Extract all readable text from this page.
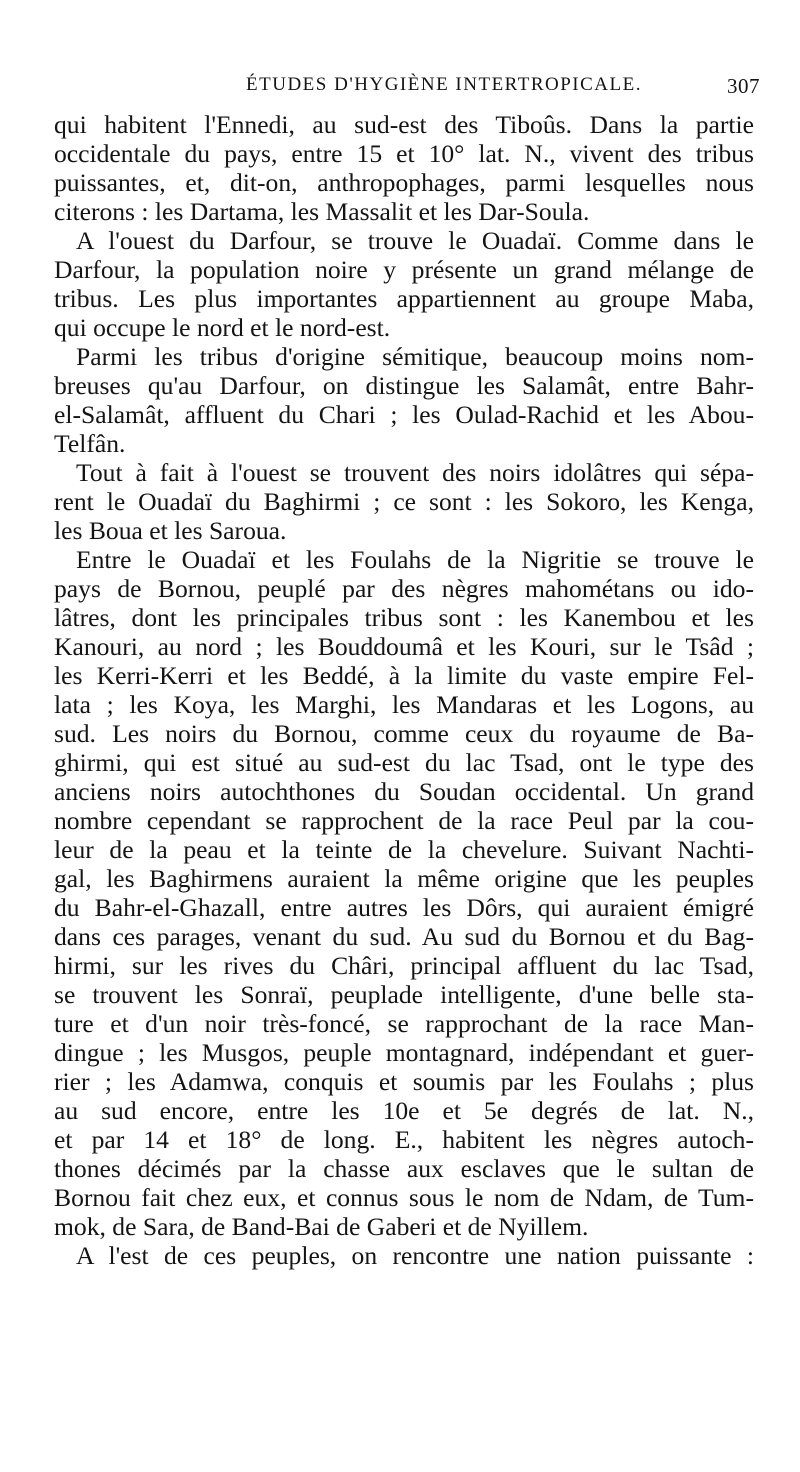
ÉTUDES D'HYGIÈNE INTERTROPICALE.	307
qui habitent l'Ennedi, au sud-est des Tiboûs. Dans la partie
occidentale du pays, entre 15 et 10° lat. N., vivent des tribus
puissantes, et, dit-on, anthropophages, parmi lesquelles nous
citerons : les Dartama, les Massalit et les Dar-Soula.
A l'ouest du Darfour, se trouve le Ouadaï. Comme dans le
Darfour, la population noire y présente un grand mélange de
tribus. Les plus importantes appartiennent au groupe Maba,
qui occupe le nord et le nord-est.
Parmi les tribus d'origine sémitique, beaucoup moins nom-
breuses qu'au Darfour, on distingue les Salamât, entre Bahr-
el-Salamât, affluent du Chari ; les Oulad-Rachid et les Abou-
Telfân.
Tout à fait à l'ouest se trouvent des noirs idolâtres qui sépa-
rent le Ouadaï du Baghirmi ; ce sont : les Sokoro, les Kenga,
les Boua et les Saroua.
Entre le Ouadaï et les Foulahs de la Nigritie se trouve le
pays de Bornou, peuplé par des nègres mahométans ou ido-
lâtres, dont les principales tribus sont : les Kanembou et les
Kanouri, au nord ; les Bouddoumâ et les Kouri, sur le Tsâd ;
les Kerri-Kerri et les Beddé, à la limite du vaste empire Fel-
lata ; les Koya, les Marghi, les Mandaras et les Logons, au
sud. Les noirs du Bornou, comme ceux du royaume de Ba-
ghirmi, qui est situé au sud-est du lac Tsad, ont le type des
anciens noirs autochthones du Soudan occidental. Un grand
nombre cependant se rapprochent de la race Peul par la cou-
leur de la peau et la teinte de la chevelure. Suivant Nachti-
gal, les Baghirmens auraient la même origine que les peuples
du Bahr-el-Ghazall, entre autres les Dôrs, qui auraient émigré
dans ces parages, venant du sud. Au sud du Bornou et du Bag-
hirmi, sur les rives du Châri, principal affluent du lac Tsad,
se trouvent les Sonraï, peuplade intelligente, d'une belle sta-
ture et d'un noir très-foncé, se rapprochant de la race Man-
dingue ; les Musgos, peuple montagnard, indépendant et guer-
rier ; les Adamwa, conquis et soumis par les Foulahs ; plus
au sud encore, entre les 10e et 5e degrés de lat. N.,
et par 14 et 18° de long. E., habitent les nègres autoch-
thones décimés par la chasse aux esclaves que le sultan de
Bornou fait chez eux, et connus sous le nom de Ndam, de Tum-
mok, de Sara, de Band-Bai de Gaberi et de Nyillem.
A l'est de ces peuples, on rencontre une nation puissante :
